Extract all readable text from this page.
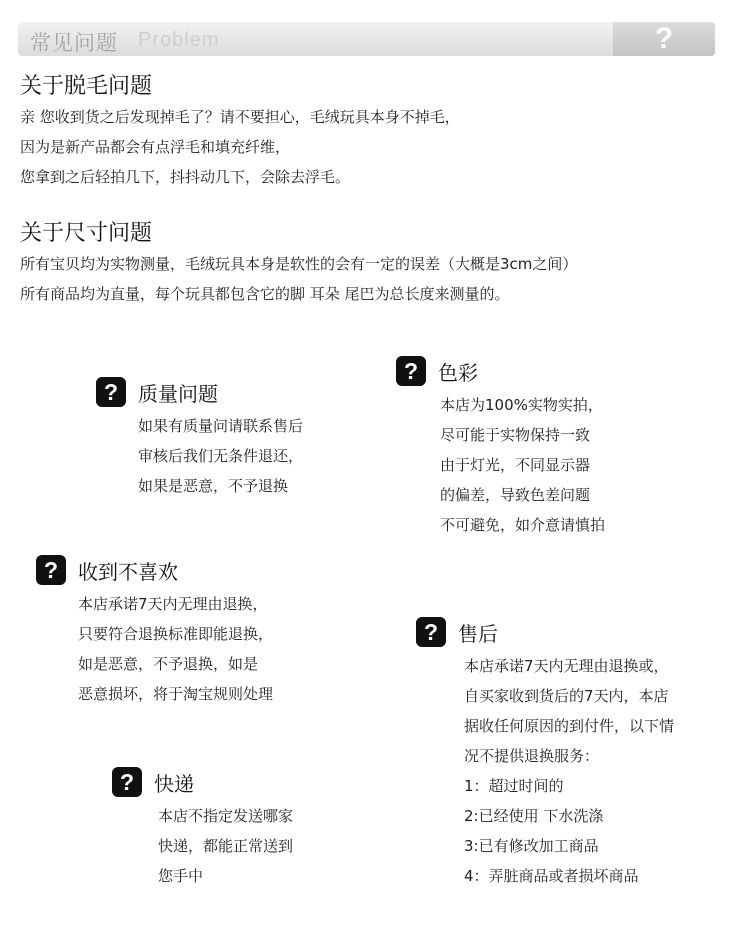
常见问题 Problem	?
关于脱毛问题

亲 您收到货之后发现掉毛了？请不要担心，毛绒玩具本身不掉毛，

因为是新产品都会有点浮毛和填充纤维，

您拿到之后轻拍几下，抖抖动几下，会除去浮毛。

关于尺寸问题

所有宝贝均为实物测量，毛绒玩具本身是软性的会有一定的误差（大概是3cm之间）

所有商品均为直量，每个玩具都包含它的脚 耳朵 尾巴为总长度来测量的。

? 质量问题

如果有质量问请联系售后

审核后我们无条件退还，

如果是恶意，不予退换

? 色彩

本店为100%实物实拍，

尽可能于实物保持一致

由于灯光，不同显示器

的偏差，导致色差问题

不可避免，如介意请慎拍

? 收到不喜欢

本店承诺7天内无理由退换，

只要符合退换标准即能退换，

如是恶意，不予退换，如是

恶意损坏，将于淘宝规则处理

? 售后

本店承诺7天内无理由退换或，

自买家收到货后的7天内，本店

据收任何原因的到付件，以下情

况不提供退换服务：

1：超过时间的

2:已经使用 下水洗涤

3:已有修改加工商品

4：弄脏商品或者损坏商品

? 快递

本店不指定发送哪家

快递，都能正常送到

您手中
